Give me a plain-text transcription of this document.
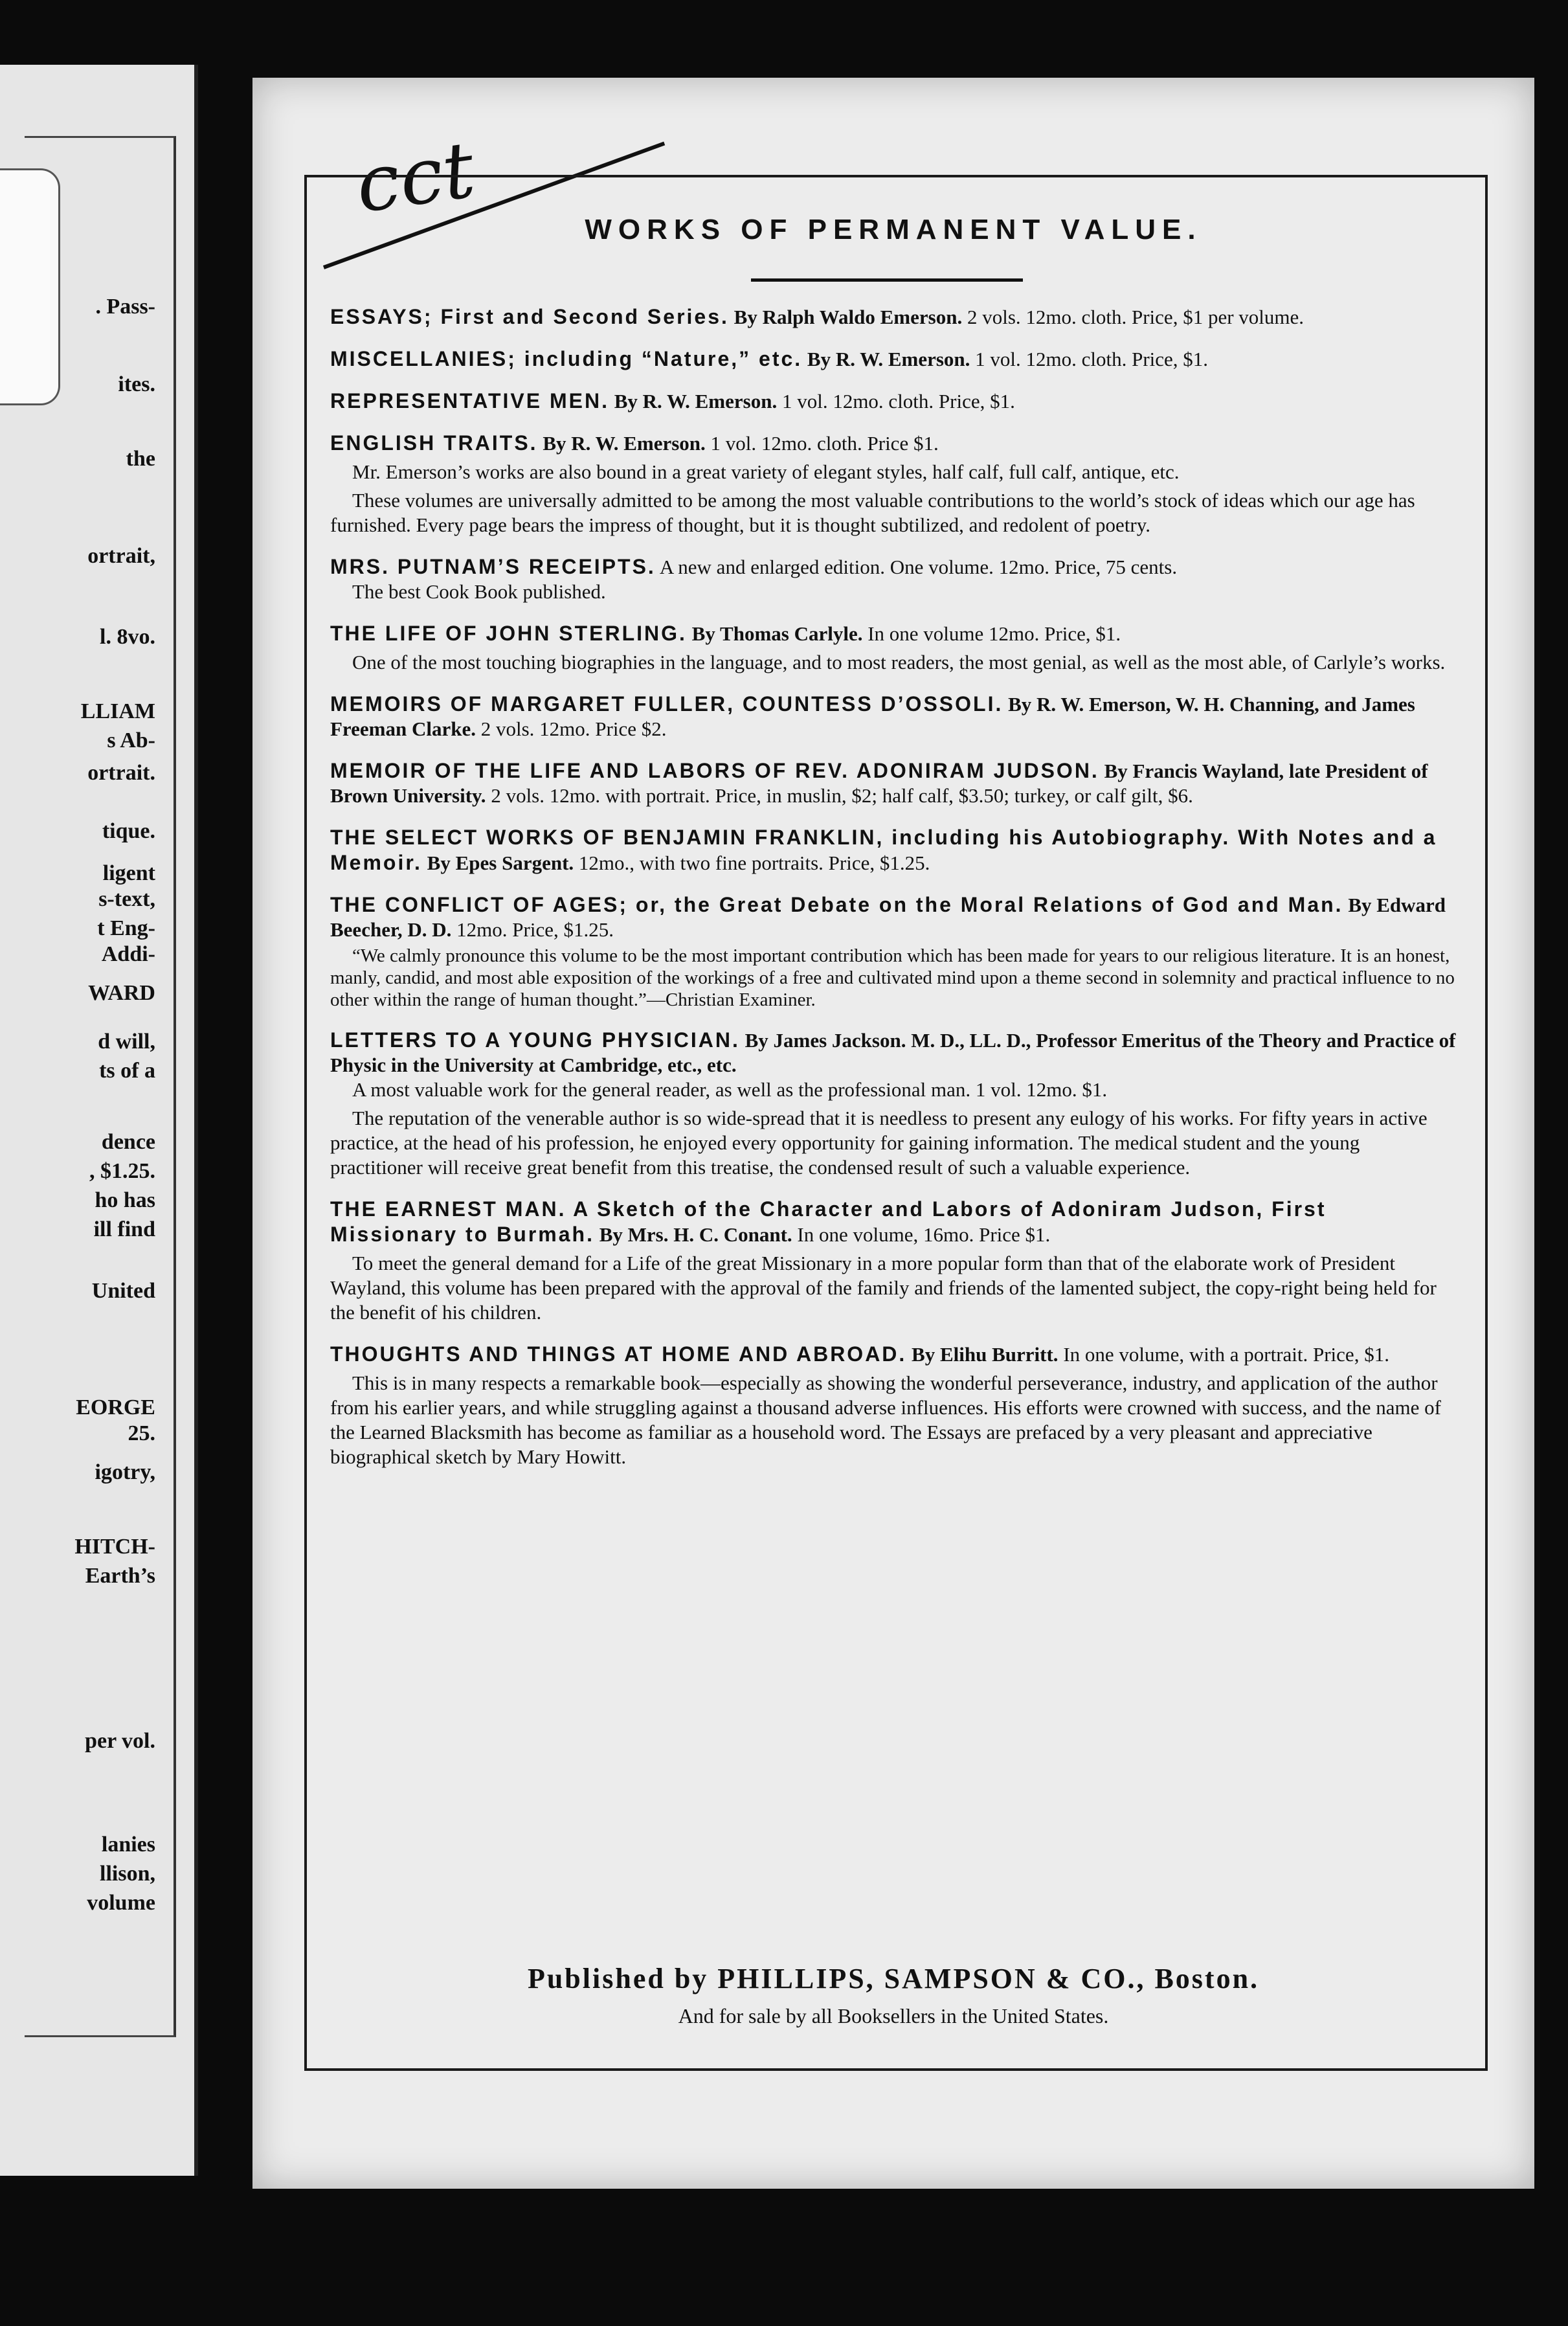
. Pass-
ites.
the
ortrait,
l. 8vo.
LLIAM
s Ab-
ortrait.
tique.
ligent
s-text,
t Eng-
Addi-
WARD
d will,
ts of a
dence
, $1.25.
ho has
ill find
United
EORGE
25.
igotry,
HITCH-
Earth’s
per vol.
lanies
llison,
volume
cct	WORKS OF PERMANENT VALUE.
ESSAYS; First and Second Series. By Ralph Waldo Emerson. 2 vols. 12mo. cloth. Price, $1 per volume.
MISCELLANIES; including “Nature,” etc. By R. W. Emerson. 1 vol. 12mo. cloth. Price, $1.
REPRESENTATIVE MEN. By R. W. Emerson. 1 vol. 12mo. cloth. Price, $1.
ENGLISH TRAITS. By R. W. Emerson. 1 vol. 12mo. cloth. Price $1.
Mr. Emerson’s works are also bound in a great variety of elegant styles, half calf, full calf, antique, etc.
These volumes are universally admitted to be among the most valuable contributions to the world’s stock of ideas which our age has furnished. Every page bears the impress of thought, but it is thought subtilized, and redolent of poetry.
MRS. PUTNAM’S RECEIPTS. A new and enlarged edition. One volume. 12mo. Price, 75 cents.
The best Cook Book published.
THE LIFE OF JOHN STERLING. By Thomas Carlyle. In one volume 12mo. Price, $1.
One of the most touching biographies in the language, and to most readers, the most genial, as well as the most able, of Carlyle’s works.
MEMOIRS OF MARGARET FULLER, COUNTESS D’OSSOLI. By R. W. Emerson, W. H. Channing, and James Freeman Clarke. 2 vols. 12mo. Price $2.
MEMOIR OF THE LIFE AND LABORS OF REV. ADONIRAM JUDSON. By Francis Wayland, late President of Brown University. 2 vols. 12mo. with portrait. Price, in muslin, $2; half calf, $3.50; turkey, or calf gilt, $6.
THE SELECT WORKS OF BENJAMIN FRANKLIN, including his Autobiography. With Notes and a Memoir. By Epes Sargent. 12mo., with two fine portraits. Price, $1.25.
THE CONFLICT OF AGES; or, the Great Debate on the Moral Relations of God and Man. By Edward Beecher, D. D. 12mo. Price, $1.25.
“We calmly pronounce this volume to be the most important contribution which has been made for years to our religious literature. It is an honest, manly, candid, and most able exposition of the workings of a free and cultivated mind upon a theme second in solemnity and practical influence to no other within the range of human thought.”—Christian Examiner.
LETTERS TO A YOUNG PHYSICIAN. By James Jackson. M. D., LL. D., Professor Emeritus of the Theory and Practice of Physic in the University at Cambridge, etc., etc.
A most valuable work for the general reader, as well as the professional man. 1 vol. 12mo. $1.
The reputation of the venerable author is so wide-spread that it is needless to present any eulogy of his works. For fifty years in active practice, at the head of his profession, he enjoyed every opportunity for gaining information. The medical student and the young practitioner will receive great benefit from this treatise, the condensed result of such a valuable experience.
THE EARNEST MAN. A Sketch of the Character and Labors of Adoniram Judson, First Missionary to Burmah. By Mrs. H. C. Conant. In one volume, 16mo. Price $1.
To meet the general demand for a Life of the great Missionary in a more popular form than that of the elaborate work of President Wayland, this volume has been prepared with the approval of the family and friends of the lamented subject, the copy-right being held for the benefit of his children.
THOUGHTS AND THINGS AT HOME AND ABROAD. By Elihu Burritt. In one volume, with a portrait. Price, $1.
This is in many respects a remarkable book—especially as showing the wonderful perseverance, industry, and application of the author from his earlier years, and while struggling against a thousand adverse influences. His efforts were crowned with success, and the name of the Learned Blacksmith has become as familiar as a household word. The Essays are prefaced by a very pleasant and appreciative biographical sketch by Mary Howitt.
Published by PHILLIPS, SAMPSON & CO., Boston.
And for sale by all Booksellers in the United States.
